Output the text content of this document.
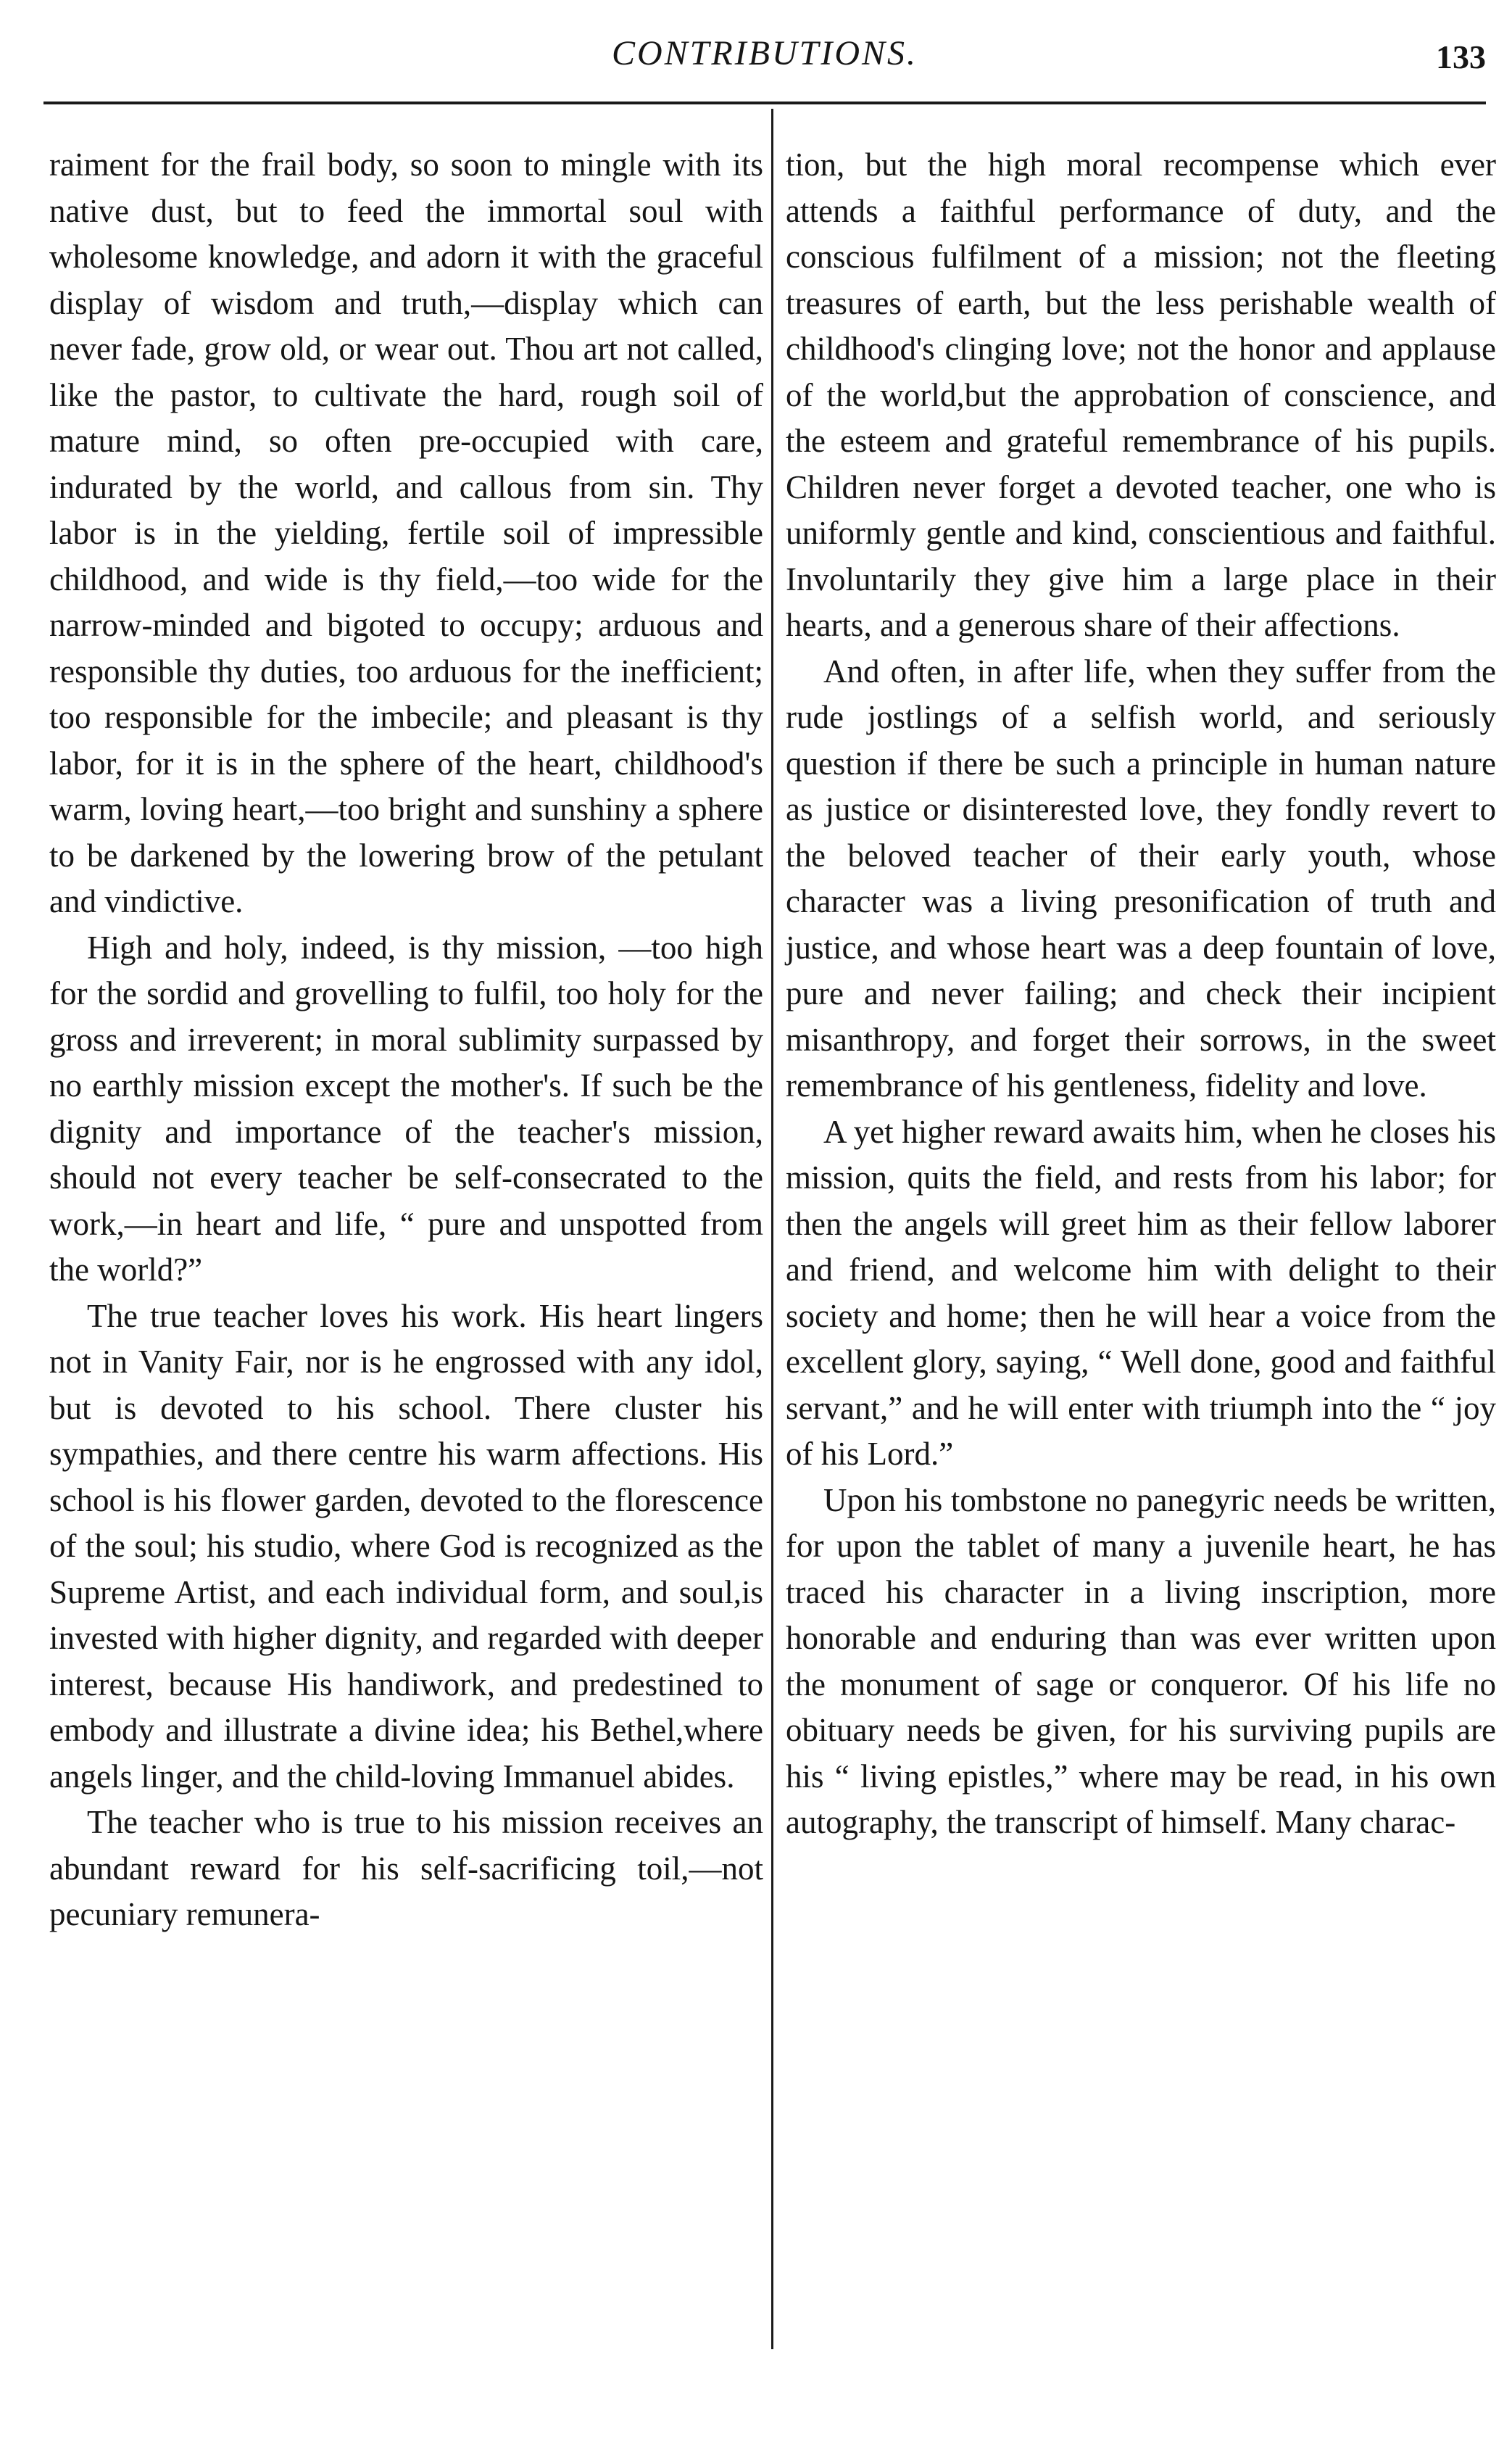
CONTRIBUTIONS.	133

raiment for the frail body, so soon to mingle with its native dust, but to feed the immortal soul with wholesome knowledge, and adorn it with the graceful display of wisdom and truth,—display which can never fade, grow old, or wear out. Thou art not called, like the pastor, to cultivate the hard, rough soil of mature mind, so often pre-occupied with care, indurated by the world, and callous from sin. Thy labor is in the yielding, fertile soil of impressible childhood, and wide is thy field,—too wide for the narrow-minded and bigoted to occupy; arduous and responsible thy duties, too arduous for the inefficient; too responsible for the imbecile; and pleasant is thy labor, for it is in the sphere of the heart, childhood's warm, loving heart,—too bright and sunshiny a sphere to be darkened by the lowering brow of the petulant and vindictive.

High and holy, indeed, is thy mission, —too high for the sordid and grovelling to fulfil, too holy for the gross and irreverent; in moral sublimity surpassed by no earthly mission except the mother's. If such be the dignity and importance of the teacher's mission, should not every teacher be self-consecrated to the work,—in heart and life, “ pure and unspotted from the world?”

The true teacher loves his work. His heart lingers not in Vanity Fair, nor is he engrossed with any idol, but is devoted to his school. There cluster his sympathies, and there centre his warm affections. His school is his flower garden, devoted to the florescence of the soul; his studio, where God is recognized as the Supreme Artist, and each individual form, and soul,is invested with higher dignity, and regarded with deeper interest, because His handiwork, and predestined to embody and illustrate a divine idea; his Bethel,where angels linger, and the child-loving Immanuel abides.

The teacher who is true to his mission receives an abundant reward for his self-sacrificing toil,—not pecuniary remunera-

tion, but the high moral recompense which ever attends a faithful performance of duty, and the conscious fulfilment of a mission; not the fleeting treasures of earth, but the less perishable wealth of childhood's clinging love; not the honor and applause of the world,but the approbation of conscience, and the esteem and grateful remembrance of his pupils. Children never forget a devoted teacher, one who is uniformly gentle and kind, conscientious and faithful. Involuntarily they give him a large place in their hearts, and a generous share of their affections.

And often, in after life, when they suffer from the rude jostlings of a selfish world, and seriously question if there be such a principle in human nature as justice or disinterested love, they fondly revert to the beloved teacher of their early youth, whose character was a living presonification of truth and justice, and whose heart was a deep fountain of love, pure and never failing; and check their incipient misanthropy, and forget their sorrows, in the sweet remembrance of his gentleness, fidelity and love.

A yet higher reward awaits him, when he closes his mission, quits the field, and rests from his labor; for then the angels will greet him as their fellow laborer and friend, and welcome him with delight to their society and home; then he will hear a voice from the excellent glory, saying, “ Well done, good and faithful servant,” and he will enter with triumph into the “ joy of his Lord.”

Upon his tombstone no panegyric needs be written, for upon the tablet of many a juvenile heart, he has traced his character in a living inscription, more honorable and enduring than was ever written upon the monument of sage or conqueror. Of his life no obituary needs be given, for his surviving pupils are his “ living epistles,” where may be read, in his own autography, the transcript of himself. Many charac-
